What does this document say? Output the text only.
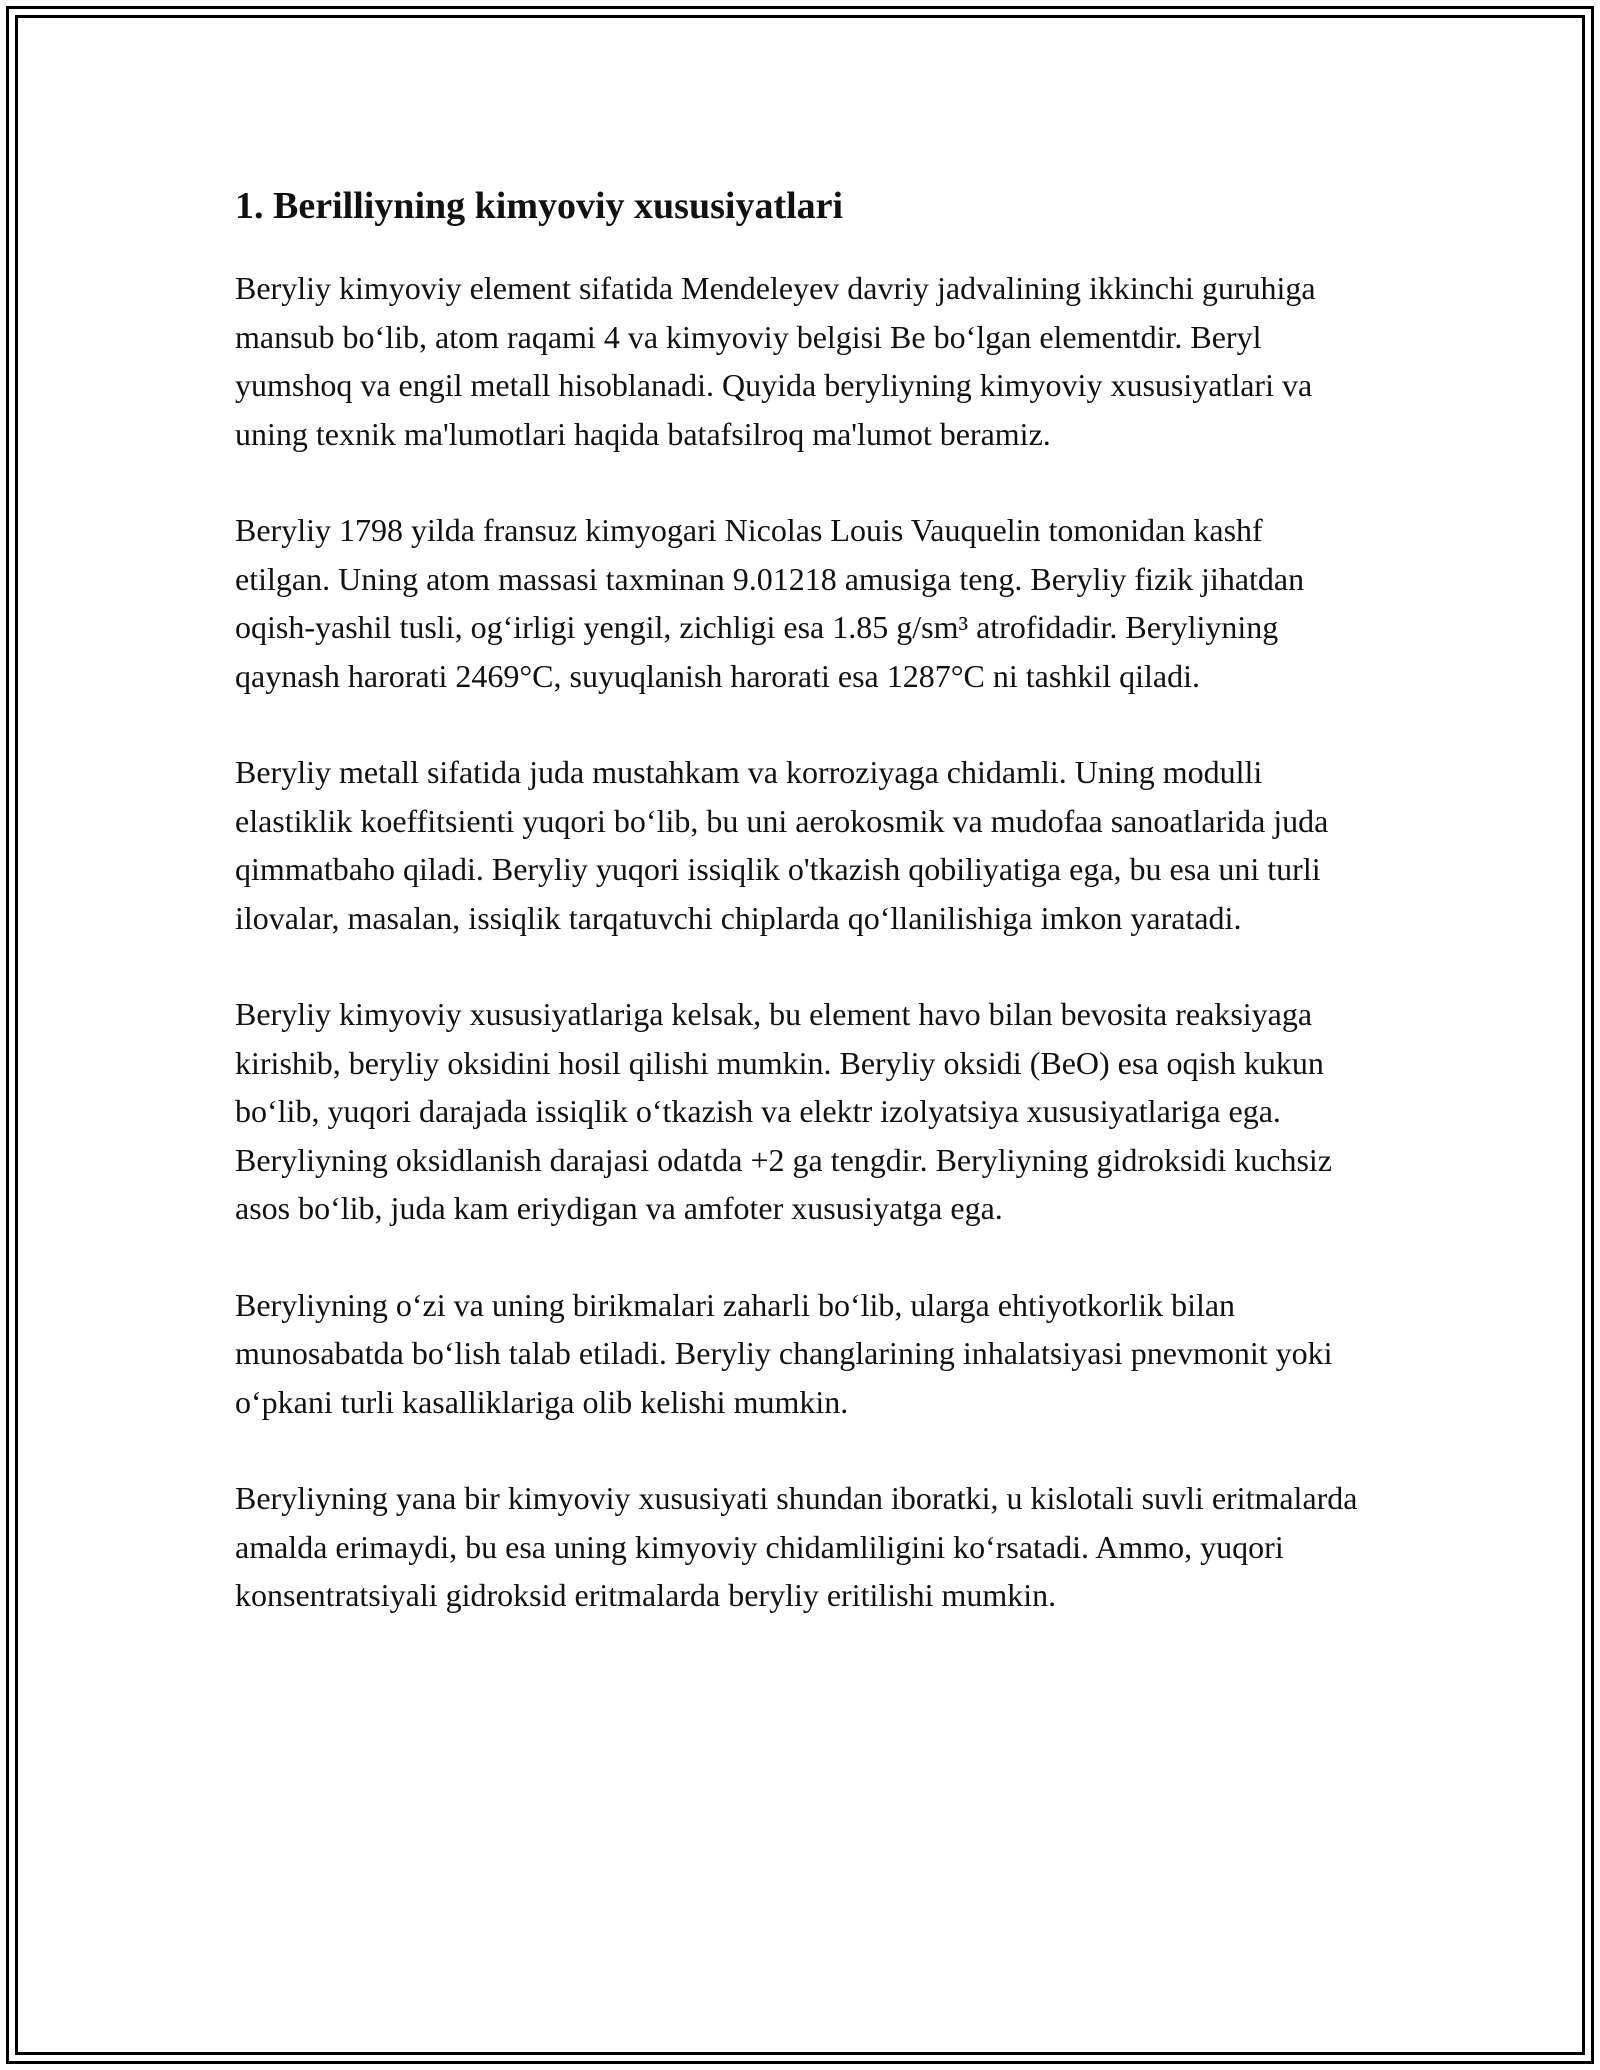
1. Berilliyning kimyoviy xususiyatlari

Beryliy kimyoviy element sifatida Mendeleyev davriy jadvalining ikkinchi guruhiga mansub bo‘lib, atom raqami 4 va kimyoviy belgisi Be bo‘lgan elementdir. Beryl yumshoq va engil metall hisoblanadi. Quyida beryliyning kimyoviy xususiyatlari va uning texnik ma'lumotlari haqida batafsilroq ma'lumot beramiz.

Beryliy 1798 yilda fransuz kimyogari Nicolas Louis Vauquelin tomonidan kashf etilgan. Uning atom massasi taxminan 9.01218 amusiga teng. Beryliy fizik jihatdan oqish-yashil tusli, og‘irligi yengil, zichligi esa 1.85 g/sm³ atrofidadir. Beryliyning qaynash harorati 2469°C, suyuqlanish harorati esa 1287°C ni tashkil qiladi.

Beryliy metall sifatida juda mustahkam va korroziyaga chidamli. Uning modulli elastiklik koeffitsienti yuqori bo‘lib, bu uni aerokosmik va mudofaa sanoatlarida juda qimmatbaho qiladi. Beryliy yuqori issiqlik o'tkazish qobiliyatiga ega, bu esa uni turli ilovalar, masalan, issiqlik tarqatuvchi chiplarda qo‘llanilishiga imkon yaratadi.

Beryliy kimyoviy xususiyatlariga kelsak, bu element havo bilan bevosita reaksiyaga kirishib, beryliy oksidini hosil qilishi mumkin. Beryliy oksidi (BeO) esa oqish kukun bo‘lib, yuqori darajada issiqlik o‘tkazish va elektr izolyatsiya xususiyatlariga ega. Beryliyning oksidlanish darajasi odatda +2 ga tengdir. Beryliyning gidroksidi kuchsiz asos bo‘lib, juda kam eriydigan va amfoter xususiyatga ega.

Beryliyning o‘zi va uning birikmalari zaharli bo‘lib, ularga ehtiyotkorlik bilan munosabatda bo‘lish talab etiladi. Beryliy changlarining inhalatsiyasi pnevmonit yoki o‘pkani turli kasalliklariga olib kelishi mumkin.

Beryliyning yana bir kimyoviy xususiyati shundan iboratki, u kislotali suvli eritmalarda amalda erimaydi, bu esa uning kimyoviy chidamliligini ko‘rsatadi. Ammo, yuqori konsentratsiyali gidroksid eritmalarda beryliy eritilishi mumkin.
